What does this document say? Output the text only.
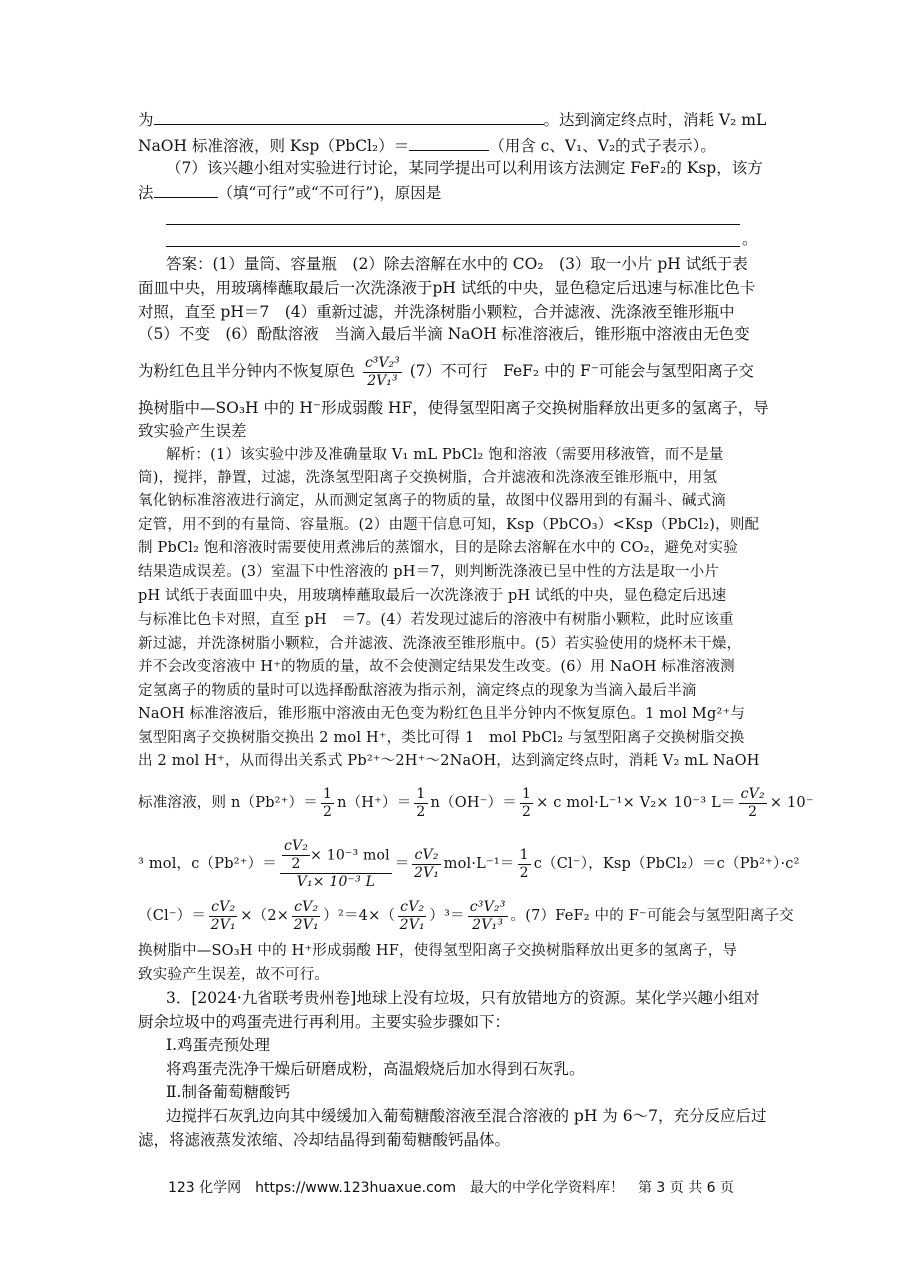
为	。达到滴定终点时，消耗 V₂ mL
NaOH 标准溶液，则 Ksp（PbCl₂）＝	（用含 c、V₁、V₂的式子表示）。
（7）该兴趣小组对实验进行讨论，某同学提出可以利用该方法测定 FeF₂的 Ksp，该方
法	（填“可行”或“不可行”)，原因是
。
答案：(1）量筒、容量瓶　(2）除去溶解在水中的 CO₂　(3）取一小片 pH 试纸于表
面皿中央，用玻璃棒蘸取最后一次洗涤液于pH 试纸的中央，显色稳定后迅速与标准比色卡
对照，直至 pH＝7　(4）重新过滤，并洗涤树脂小颗粒，合并滤液、洗涤液至锥形瓶中
（5）不变　(6）酚酞溶液　当滴入最后半滴 NaOH 标准溶液后，锥形瓶中溶液由无色变
为粉红色且半分钟内不恢复原色 $\frac{\text{c³V₂³}}{\text{2V₁³}} (7)$不可行　FeF₂ 中的 F⁻可能会与氢型阳离子交
换树脂中—SO₃H 中的 H⁻形成弱酸 HF，使得氢型阳离子交换树脂释放出更多的氢离子，导
致实验产生误差
解析：(1）该实验中涉及准确量取 V₁ mL PbCl₂ 饱和溶液（需要用移液管，而不是量
筒)，搅拌，静置，过滤，洗涤氢型阳离子交换树脂，合并滤液和洗涤液至锥形瓶中，用氢
氧化钠标准溶液进行滴定，从而测定氢离子的物质的量，故图中仪器用到的有漏斗、碱式滴
定管，用不到的有量筒、容量瓶。(2）由题干信息可知，Ksp（PbCO₃）<Ksp（PbCl₂)，则配
制 PbCl₂ 饱和溶液时需要使用煮沸后的蒸馏水，目的是除去溶解在水中的 CO₂，避免对实验
结果造成误差。(3）室温下中性溶液的 pH＝7，则判断洗涤液已呈中性的方法是取一小片
pH 试纸于表面皿中央，用玻璃棒蘸取最后一次洗涤液于 pH 试纸的中央，显色稳定后迅速
与标准比色卡对照，直至 pH　＝7。(4）若发现过滤后的溶液中有树脂小颗粒，此时应该重
新过滤，并洗涤树脂小颗粒，合并滤液、洗涤液至锥形瓶中。(5）若实验使用的烧杯未干燥，
并不会改变溶液中 H⁺的物质的量，故不会使测定结果发生改变。(6）用 NaOH 标准溶液测
定氢离子的物质的量时可以选择酚酞溶液为指示剂，滴定终点的现象为当滴入最后半滴
NaOH 标准溶液后，锥形瓶中溶液由无色变为粉红色且半分钟内不恢复原色。1 mol Mg²⁺与
氢型阳离子交换树脂交换出 2 mol H⁺，类比可得 1　mol PbCl₂ 与氢型阳离子交换树脂交换
出 2 mol H⁺，从而得出关系式 Pb²⁺～2H⁺～2NaOH，达到滴定终点时，消耗 V₂ mL NaOH
标准溶液，则 $n(Pb^{2+})= \frac{1}{2} n(H^+)= \frac{1}{2} n(OH^-)= \frac{1}{2} \times c$ mol·L⁻¹× V₂× 10⁻³ $L= \frac{\text{cV₂}}{2} \times 10^-$
³ mol，$c(Pb^{2+})= \frac{\frac{\text{cV₂}}{2} \times 10^{-3} mol}{\text{V₁× 10⁻³ L}} = \frac{\text{cV₂}}{\text{2V₁}} mol\cdot L^{-1}= \frac{1}{2} c(Cl^-)$，Ksp（PbCl₂）＝c（Pb²⁺）·c²
$(Cl^-)= \frac{\text{cV₂}}{\text{2V₁}} \times(2\times \frac{\text{cV₂}}{\text{2V₁}} )^2=4\times( \frac{\text{cV₂}}{\text{2V₁}} )^3= \frac{\text{c³V₂³}}{\text{2V₁³}}$ 。(7）FeF₂ 中的 F⁻可能会与氢型阳离子交
换树脂中—SO₃H 中的 H⁺形成弱酸 HF，使得氢型阳离子交换树脂释放出更多的氢离子，导
致实验产生误差，故不可行。
3．[2024·九省联考贵州卷]地球上没有垃圾，只有放错地方的资源。某化学兴趣小组对
厨余垃圾中的鸡蛋壳进行再利用。主要实验步骤如下：
Ⅰ.鸡蛋壳预处理
将鸡蛋壳洗净干燥后研磨成粉，高温煅烧后加水得到石灰乳。
Ⅱ.制备葡萄糖酸钙
边搅拌石灰乳边向其中缓缓加入葡萄糖酸溶液至混合溶液的 pH 为 6～7，充分反应后过
滤，将滤液蒸发浓缩、冷却结晶得到葡萄糖酸钙晶体。
123 化学网　https://www.123huaxue.com　最大的中学化学资料库！　第 3 页 共 6 页
